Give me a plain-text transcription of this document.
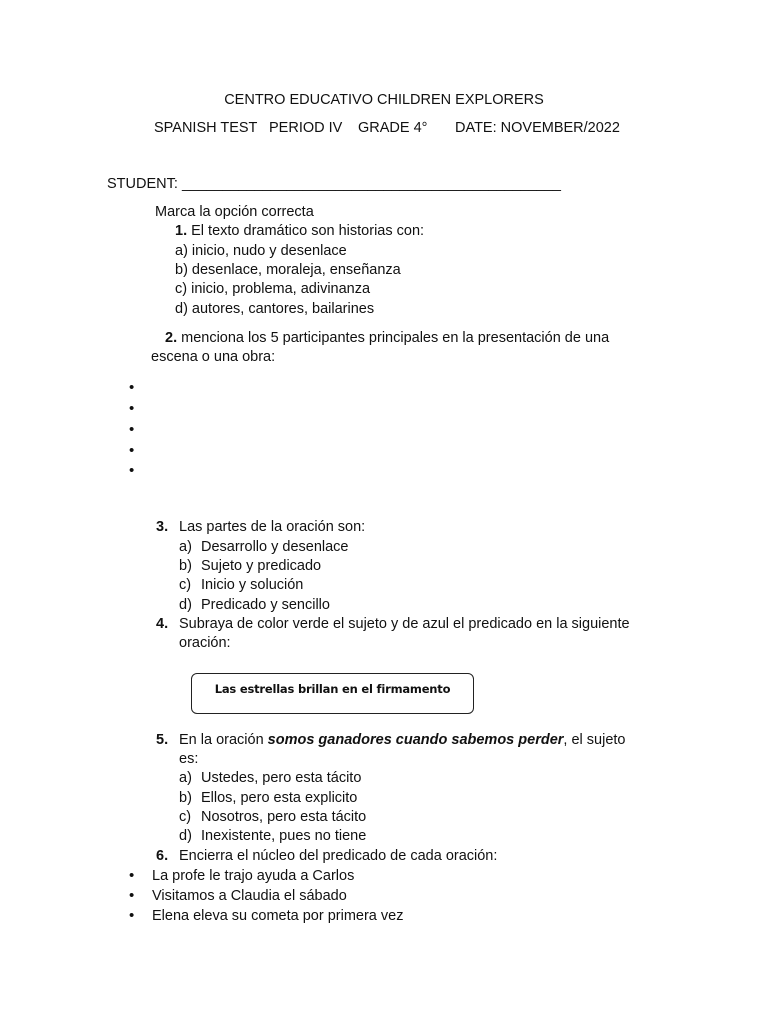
CENTRO EDUCATIVO CHILDREN EXPLORERS
SPANISH TEST PERIOD IV GRADE 4° DATE: NOVEMBER/2022
STUDENT: _______________________________________________
Marca la opción correcta
1. El texto dramático son historias con:
a) inicio, nudo y desenlace
b) desenlace, moraleja, enseñanza
c) inicio, problema, adivinanza
d) autores, cantores, bailarines
2. menciona los 5 participantes principales en la presentación de una
escena o una obra:
•
•
•
•
•
3. Las partes de la oración son:
a) Desarrollo y desenlace
b) Sujeto y predicado
c) Inicio y solución
d) Predicado y sencillo
4. Subraya de color verde el sujeto y de azul el predicado en la siguiente
oración:
Las estrellas brillan en el firmamento
5. En la oración somos ganadores cuando sabemos perder, el sujeto
es:
a) Ustedes, pero esta tácito
b) Ellos, pero esta explicito
c) Nosotros, pero esta tácito
d) Inexistente, pues no tiene
6. Encierra el núcleo del predicado de cada oración:
• La profe le trajo ayuda a Carlos
• Visitamos a Claudia el sábado
• Elena eleva su cometa por primera vez
